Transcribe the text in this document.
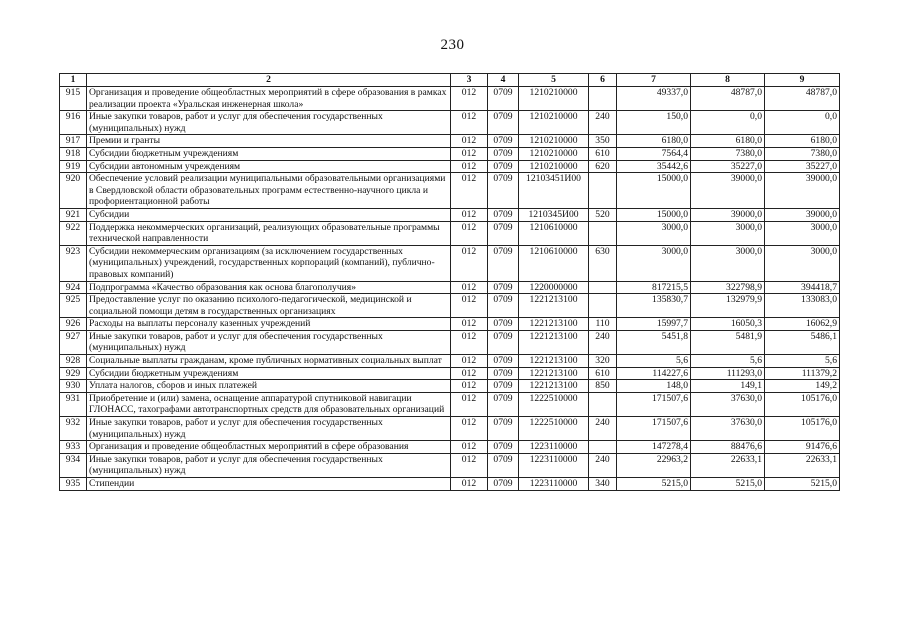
230
1	2	3	4	5	6	7	8	9
915	Организация и проведение общеобластных мероприятий в сфере образования в рамках реализации проекта «Уральская инженерная школа»	012	0709	1210210000		49337,0	48787,0	48787,0
916	Иные закупки товаров, работ и услуг для обеспечения государственных (муниципальных) нужд	012	0709	1210210000	240	150,0	0,0	0,0
917	Премии и гранты	012	0709	1210210000	350	6180,0	6180,0	6180,0
918	Субсидии бюджетным учреждениям	012	0709	1210210000	610	7564,4	7380,0	7380,0
919	Субсидии автономным учреждениям	012	0709	1210210000	620	35442,6	35227,0	35227,0
920	Обеспечение условий реализации муниципальными образовательными организациями в Свердловской области образовательных программ естественно-научного цикла и профориентационной работы	012	0709	12103451И00		15000,0	39000,0	39000,0
921	Субсидии	012	0709	1210345И00	520	15000,0	39000,0	39000,0
922	Поддержка некоммерческих организаций, реализующих образовательные программы технической направленности	012	0709	1210610000		3000,0	3000,0	3000,0
923	Субсидии некоммерческим организациям (за исключением государственных (муниципальных) учреждений, государственных корпораций (компаний), публично-правовых компаний)	012	0709	1210610000	630	3000,0	3000,0	3000,0
924	Подпрограмма «Качество образования как основа благополучия»	012	0709	1220000000		817215,5	322798,9	394418,7
925	Предоставление услуг по оказанию психолого-педагогической, медицинской и социальной помощи детям в государственных организациях	012	0709	1221213100		135830,7	132979,9	133083,0
926	Расходы на выплаты персоналу казенных учреждений	012	0709	1221213100	110	15997,7	16050,3	16062,9
927	Иные закупки товаров, работ и услуг для обеспечения государственных (муниципальных) нужд	012	0709	1221213100	240	5451,8	5481,9	5486,1
928	Социальные выплаты гражданам, кроме публичных нормативных социальных выплат	012	0709	1221213100	320	5,6	5,6	5,6
929	Субсидии бюджетным учреждениям	012	0709	1221213100	610	114227,6	111293,0	111379,2
930	Уплата налогов, сборов и иных платежей	012	0709	1221213100	850	148,0	149,1	149,2
931	Приобретение и (или) замена, оснащение аппаратурой спутниковой навигации ГЛОНАСС, тахографами автотранспортных средств для образовательных организаций	012	0709	1222510000		171507,6	37630,0	105176,0
932	Иные закупки товаров, работ и услуг для обеспечения государственных (муниципальных) нужд	012	0709	1222510000	240	171507,6	37630,0	105176,0
933	Организация и проведение общеобластных мероприятий в сфере образования	012	0709	1223110000		147278,4	88476,6	91476,6
934	Иные закупки товаров, работ и услуг для обеспечения государственных (муниципальных) нужд	012	0709	1223110000	240	22963,2	22633,1	22633,1
935	Стипендии	012	0709	1223110000	340	5215,0	5215,0	5215,0
